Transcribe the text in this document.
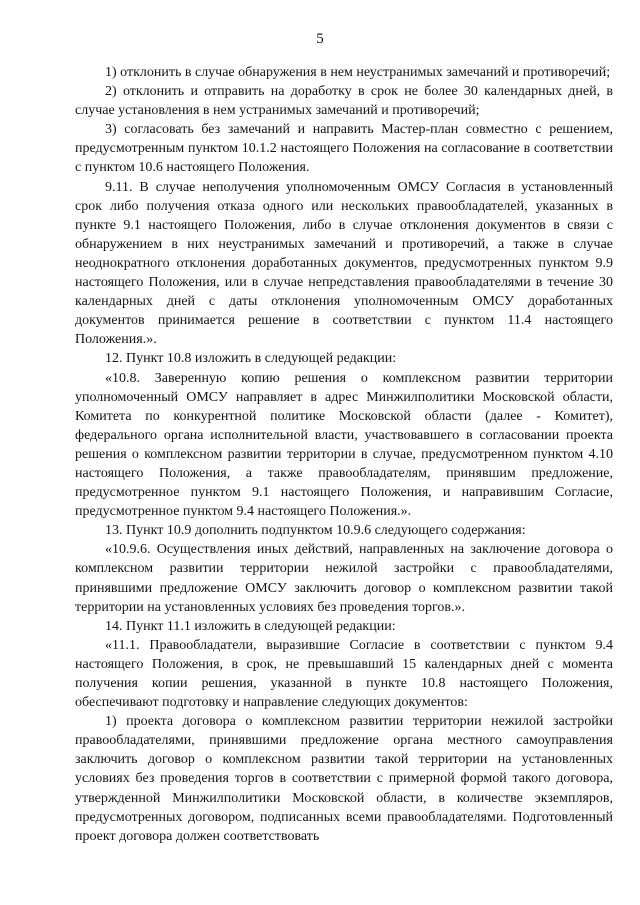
5

1) отклонить в случае обнаружения в нем неустранимых замечаний и противоречий;

2) отклонить и отправить на доработку в срок не более 30 календарных дней, в случае установления в нем устранимых замечаний и противоречий;

3) согласовать без замечаний и направить Мастер-план совместно с решением, предусмотренным пунктом 10.1.2 настоящего Положения на согласование в соответствии с пунктом 10.6 настоящего Положения.

9.11. В случае неполучения уполномоченным ОМСУ Согласия в установленный срок либо получения отказа одного или нескольких правообладателей, указанных в пункте 9.1 настоящего Положения, либо в случае отклонения документов в связи с обнаружением в них неустранимых замечаний и противоречий, а также в случае неоднократного отклонения доработанных документов, предусмотренных пунктом 9.9 настоящего Положения, или в случае непредставления правообладателями в течение 30 календарных дней с даты отклонения уполномоченным ОМСУ доработанных документов принимается решение в соответствии с пунктом 11.4 настоящего Положения.».

12. Пункт 10.8 изложить в следующей редакции:

«10.8. Заверенную копию решения о комплексном развитии территории уполномоченный ОМСУ направляет в адрес Минжилполитики Московской области, Комитета по конкурентной политике Московской области (далее - Комитет), федерального органа исполнительной власти, участвовавшего в согласовании проекта решения о комплексном развитии территории в случае, предусмотренном пунктом 4.10 настоящего Положения, а также правообладателям, принявшим предложение, предусмотренное пунктом 9.1 настоящего Положения, и направившим Согласие, предусмотренное пунктом 9.4 настоящего Положения.».

13. Пункт 10.9 дополнить подпунктом 10.9.6 следующего содержания:

«10.9.6. Осуществления иных действий, направленных на заключение договора о комплексном развитии территории нежилой застройки с правообладателями, принявшими предложение ОМСУ заключить договор о комплексном развитии такой территории на установленных условиях без проведения торгов.».

14. Пункт 11.1 изложить в следующей редакции:

«11.1. Правообладатели, выразившие Согласие в соответствии с пунктом 9.4 настоящего Положения, в срок, не превышавший 15 календарных дней с момента получения копии решения, указанной в пункте 10.8 настоящего Положения, обеспечивают подготовку и направление следующих документов:

1) проекта договора о комплексном развитии территории нежилой застройки правообладателями, принявшими предложение органа местного самоуправления заключить договор о комплексном развитии такой территории на установленных условиях без проведения торгов в соответствии с примерной формой такого договора, утвержденной Минжилполитики Московской области, в количестве экземпляров, предусмотренных договором, подписанных всеми правообладателями. Подготовленный проект договора должен соответствовать
